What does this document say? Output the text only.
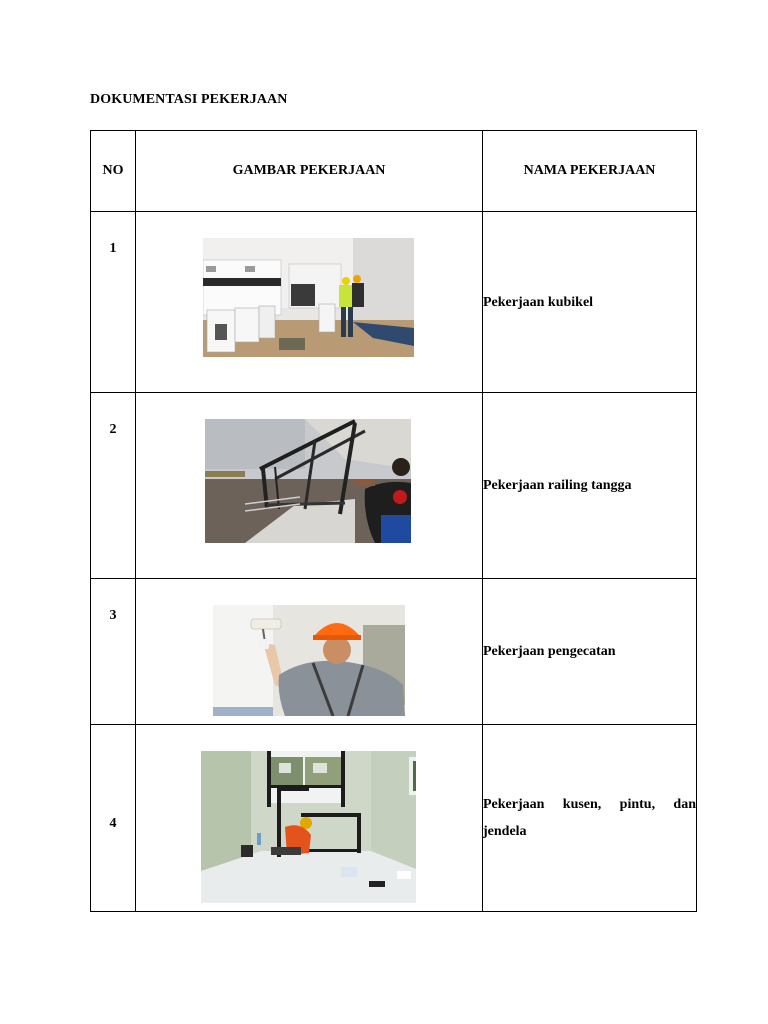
DOKUMENTASI PEKERJAAN
NO	GAMBAR PEKERJAAN	NAMA PEKERJAAN

1		Pekerjaan kubikel

2		Pekerjaan railing tangga

3		Pekerjaan pengecatan

4		Pekerjaan kusen, pintu, dan jendela
